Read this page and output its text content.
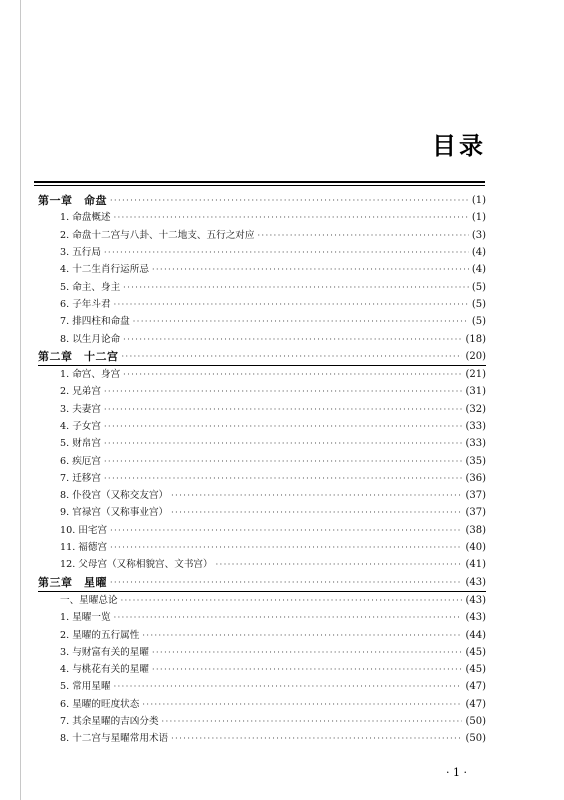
目录
第一章　命盘 ·····	(1)
1. 命盘概述 ·····	(1)
2. 命盘十二宫与八卦、十二地支、五行之对应 ·····	(3)
3. 五行局 ·····	(4)
4. 十二生肖行运所忌 ·····	(4)
5. 命主、身主 ·····	(5)
6. 子年斗君 ·····	(5)
7. 排四柱和命盘 ·····	(5)
8. 以生月论命 ·····	(18)
第二章　十二宫 ·····	(20)
1. 命宫、身宫 ·····	(21)
2. 兄弟宫 ·····	(31)
3. 夫妻宫 ·····	(32)
4. 子女宫 ·····	(33)
5. 财帛宫 ·····	(33)
6. 疾厄宫 ·····	(35)
7. 迁移宫 ·····	(36)
8. 仆役宫（又称交友宫） ·····	(37)
9. 官禄宫（又称事业宫） ·····	(37)
10. 田宅宫 ·····	(38)
11. 福德宫 ·····	(40)
12. 父母宫（又称相貌宫、文书宫） ·····	(41)
第三章　星曜 ·····	(43)
一、星曜总论 ·····	(43)
1. 星曜一览 ·····	(43)
2. 星曜的五行属性 ·····	(44)
3. 与财富有关的星曜 ·····	(45)
4. 与桃花有关的星曜 ·····	(45)
5. 常用星曜 ·····	(47)
6. 星曜的旺度状态 ·····	(47)
7. 其余星曜的吉凶分类 ·····	(50)
8. 十二宫与星曜常用术语 ·····	(50)
· 1 ·
